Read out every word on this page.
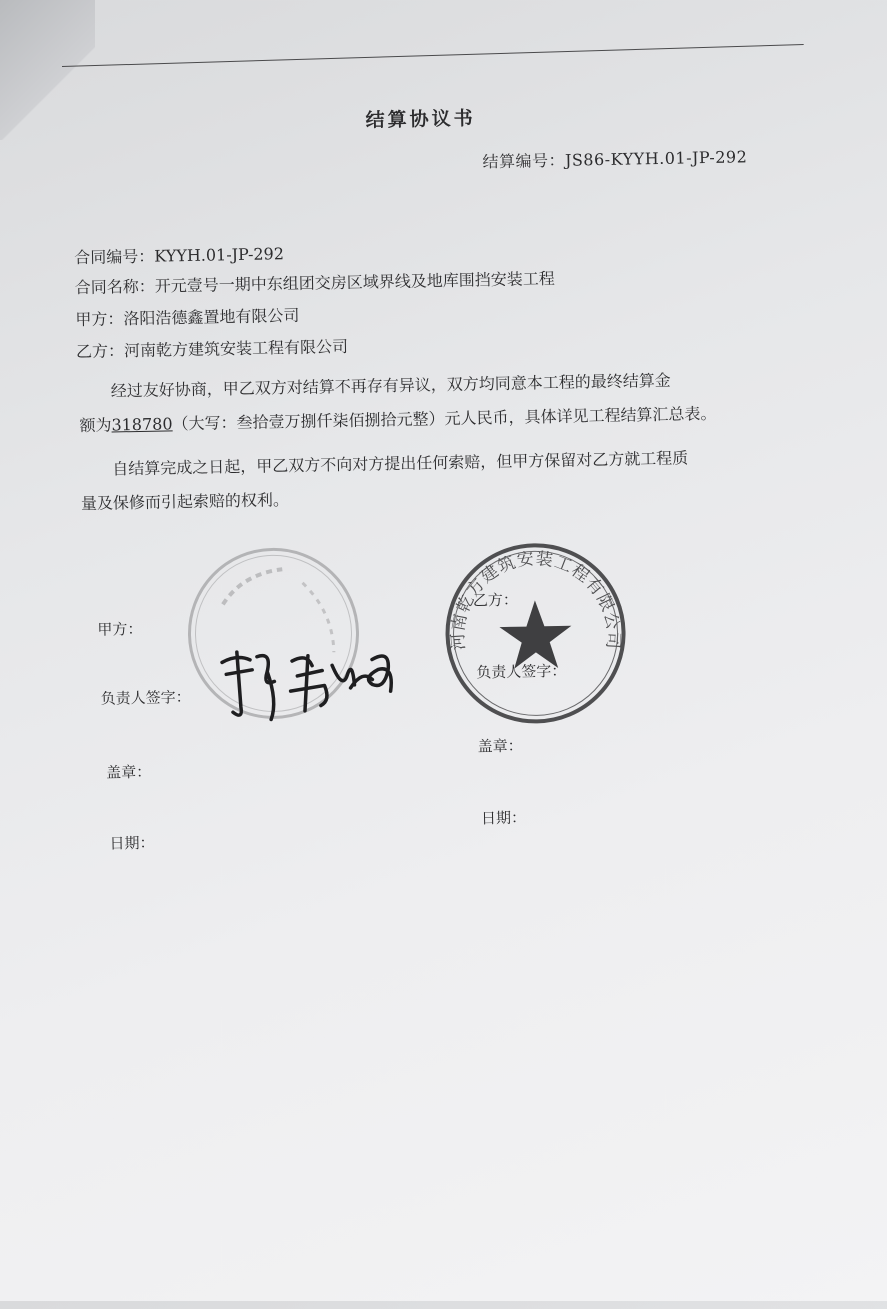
结算协议书
结算编号：JS86-KYYH.01-JP-292
合同编号：KYYH.01-JP-292
合同名称：开元壹号一期中东组团交房区域界线及地库围挡安装工程
甲方：洛阳浩德鑫置地有限公司
乙方：河南乾方建筑安装工程有限公司
经过友好协商，甲乙双方对结算不再存有异议，双方均同意本工程的最终结算金
额为318780（大写：叁拾壹万捌仟柒佰捌拾元整）元人民币，具体详见工程结算汇总表。
自结算完成之日起，甲乙双方不向对方提出任何索赔，但甲方保留对乙方就工程质
量及保修而引起索赔的权利。
河南乾方建筑安装工程有限公司
甲方：
负责人签字：
盖章：
日期：
乙方：
负责人签字：
盖章：
日期：
